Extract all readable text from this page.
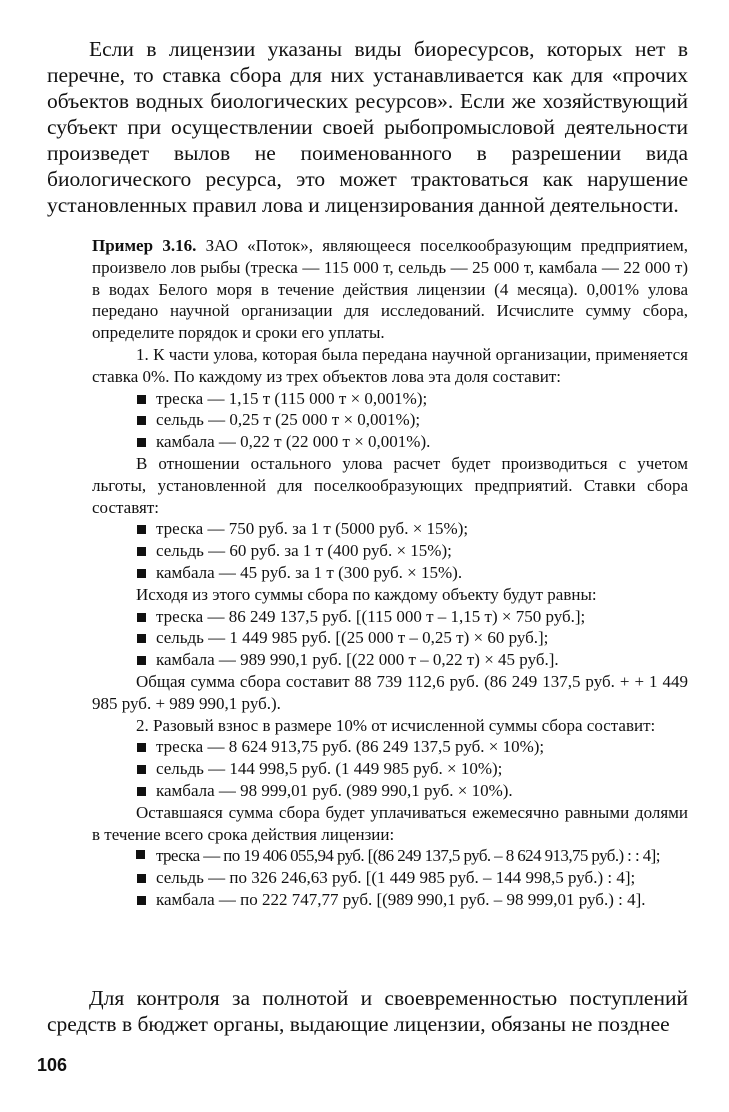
Если в лицензии указаны виды биоресурсов, которых нет в перечне, то ставка сбора для них устанавливается как для «прочих объектов водных биологических ресурсов». Если же хозяйствующий субъект при осуществлении своей рыбопромысловой деятельности произведет вылов не поименованного в разрешении вида биологического ресурса, это может трактоваться как нарушение установленных правил лова и лицензирования данной деятельности.

Пример 3.16. ЗАО «Поток», являющееся поселкообразующим предприятием, произвело лов рыбы (треска — 115 000 т, сельдь — 25 000 т, камбала — 22 000 т) в водах Белого моря в течение действия лицензии (4 месяца). 0,001% улова передано научной организации для исследований. Исчислите сумму сбора, определите порядок и сроки его уплаты.

1. К части улова, которая была передана научной организации, применяется ставка 0%. По каждому из трех объектов лова эта доля составит:

треска — 1,15 т (115 000 т × 0,001%);
сельдь — 0,25 т (25 000 т × 0,001%);
камбала — 0,22 т (22 000 т × 0,001%).

В отношении остального улова расчет будет производиться с учетом льготы, установленной для поселкообразующих предприятий. Ставки сбора составят:

треска — 750 руб. за 1 т (5000 руб. × 15%);
сельдь — 60 руб. за 1 т (400 руб. × 15%);
камбала — 45 руб. за 1 т (300 руб. × 15%).

Исходя из этого суммы сбора по каждому объекту будут равны:

треска — 86 249 137,5 руб. [(115 000 т – 1,15 т) × 750 руб.];
сельдь — 1 449 985 руб. [(25 000 т – 0,25 т) × 60 руб.];
камбала — 989 990,1 руб. [(22 000 т – 0,22 т) × 45 руб.].

Общая сумма сбора составит 88 739 112,6 руб. (86 249 137,5 руб. + + 1 449 985 руб. + 989 990,1 руб.).

2. Разовый взнос в размере 10% от исчисленной суммы сбора составит:

треска — 8 624 913,75 руб. (86 249 137,5 руб. × 10%);
сельдь — 144 998,5 руб. (1 449 985 руб. × 10%);
камбала — 98 999,01 руб. (989 990,1 руб. × 10%).

Оставшаяся сумма сбора будет уплачиваться ежемесячно равными долями в течение всего срока действия лицензии:

треска — по 19 406 055,94 руб. [(86 249 137,5 руб. – 8 624 913,75 руб.) : : 4];

сельдь — по 326 246,63 руб. [(1 449 985 руб. – 144 998,5 руб.) : 4];
камбала — по 222 747,77 руб. [(989 990,1 руб. – 98 999,01 руб.) : 4].

Для контроля за полнотой и своевременностью поступлений средств в бюджет органы, выдающие лицензии, обязаны не позднее

106
